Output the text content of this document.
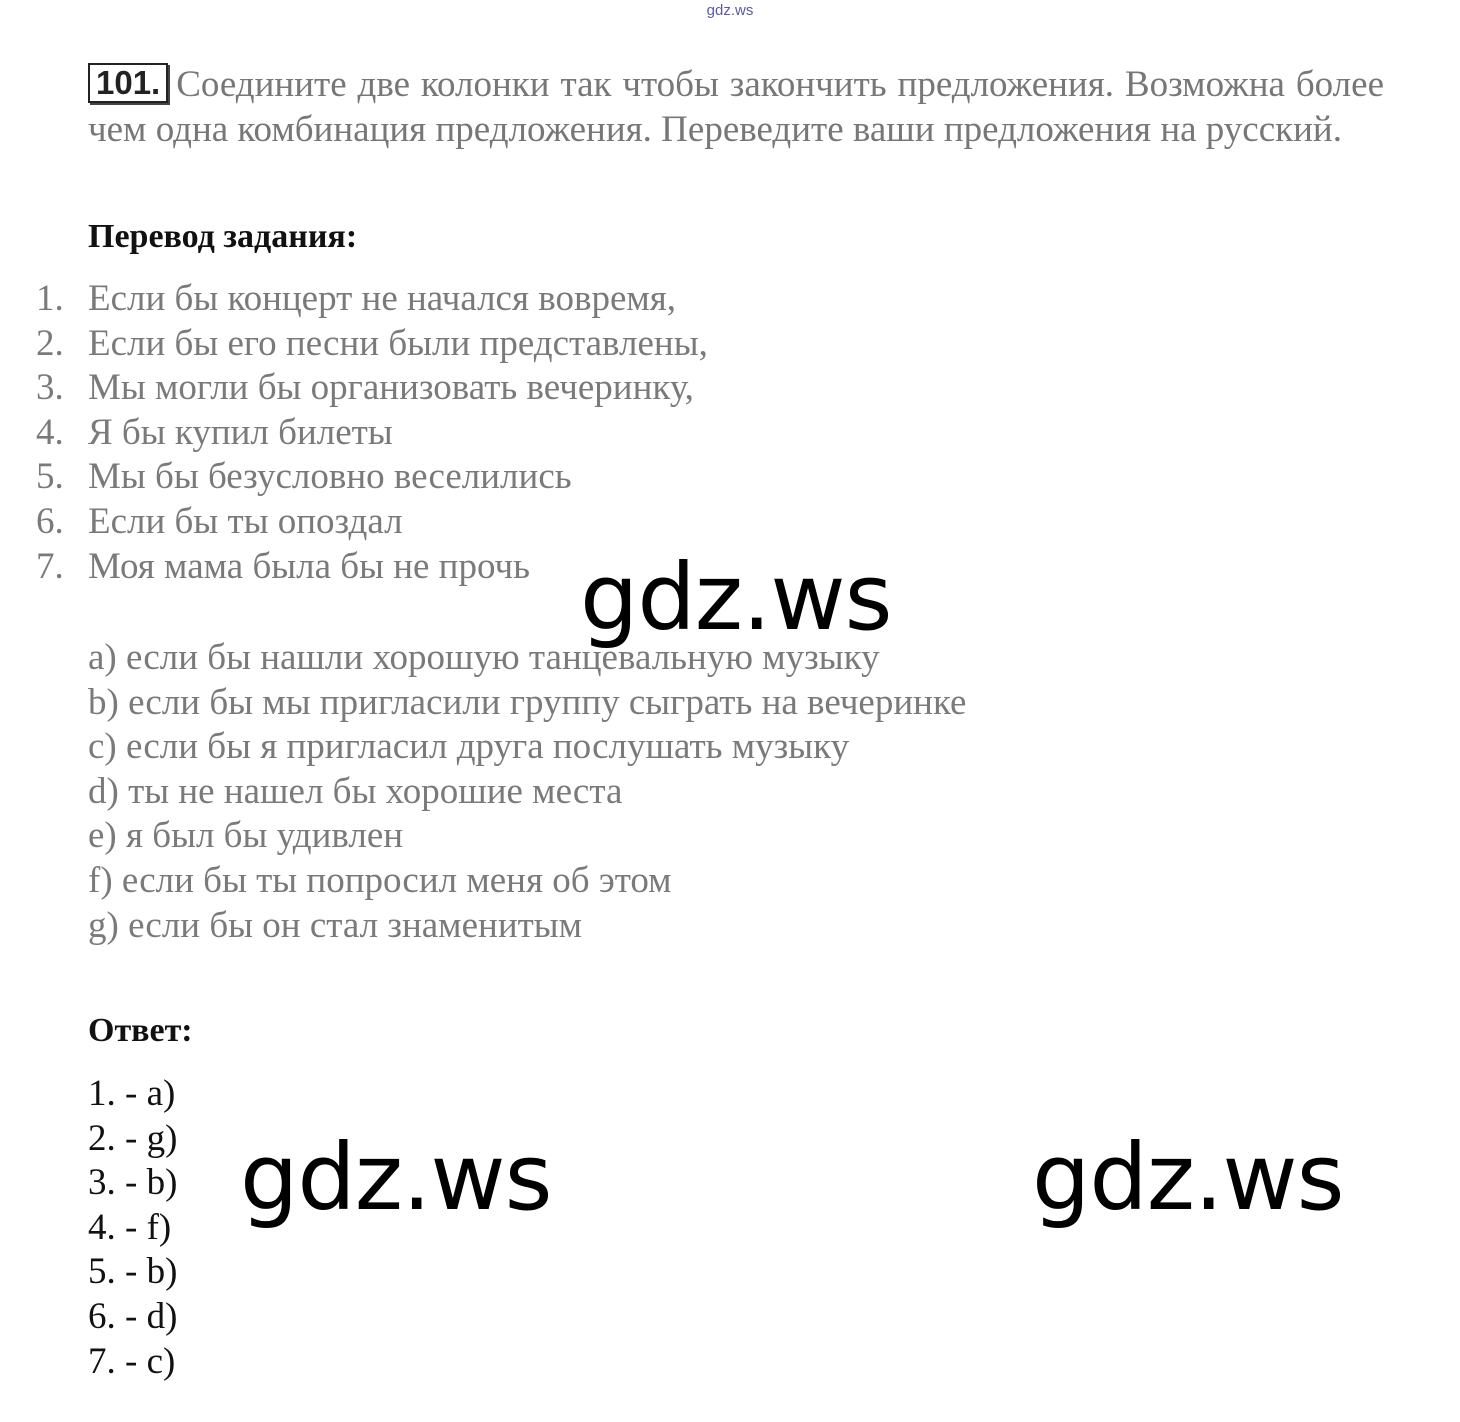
gdz.ws
101. Соедините две колонки так чтобы закончить предложения. Возможна более чем одна комбинация предложения. Переведите ваши предложения на русский.
Перевод задания:
1. Если бы концерт не начался вовремя,
2. Если бы его песни были представлены,
3. Мы могли бы организовать вечеринку,
4. Я бы купил билеты
5. Мы бы безусловно веселились
6. Если бы ты опоздал
7. Моя мама была бы не прочь
a) если бы нашли хорошую танцевальную музыку
b) если бы мы пригласили группу сыграть на вечеринке
c) если бы я пригласил друга послушать музыку
d) ты не нашел бы хорошие места
e) я был бы удивлен
f) если бы ты попросил меня об этом
g) если бы он стал знаменитым
Ответ:
1. - a)
2. - g)
3. - b)
4. - f)
5. - b)
6. - d)
7. - c)
gdz.ws
gdz.ws	gdz.ws
